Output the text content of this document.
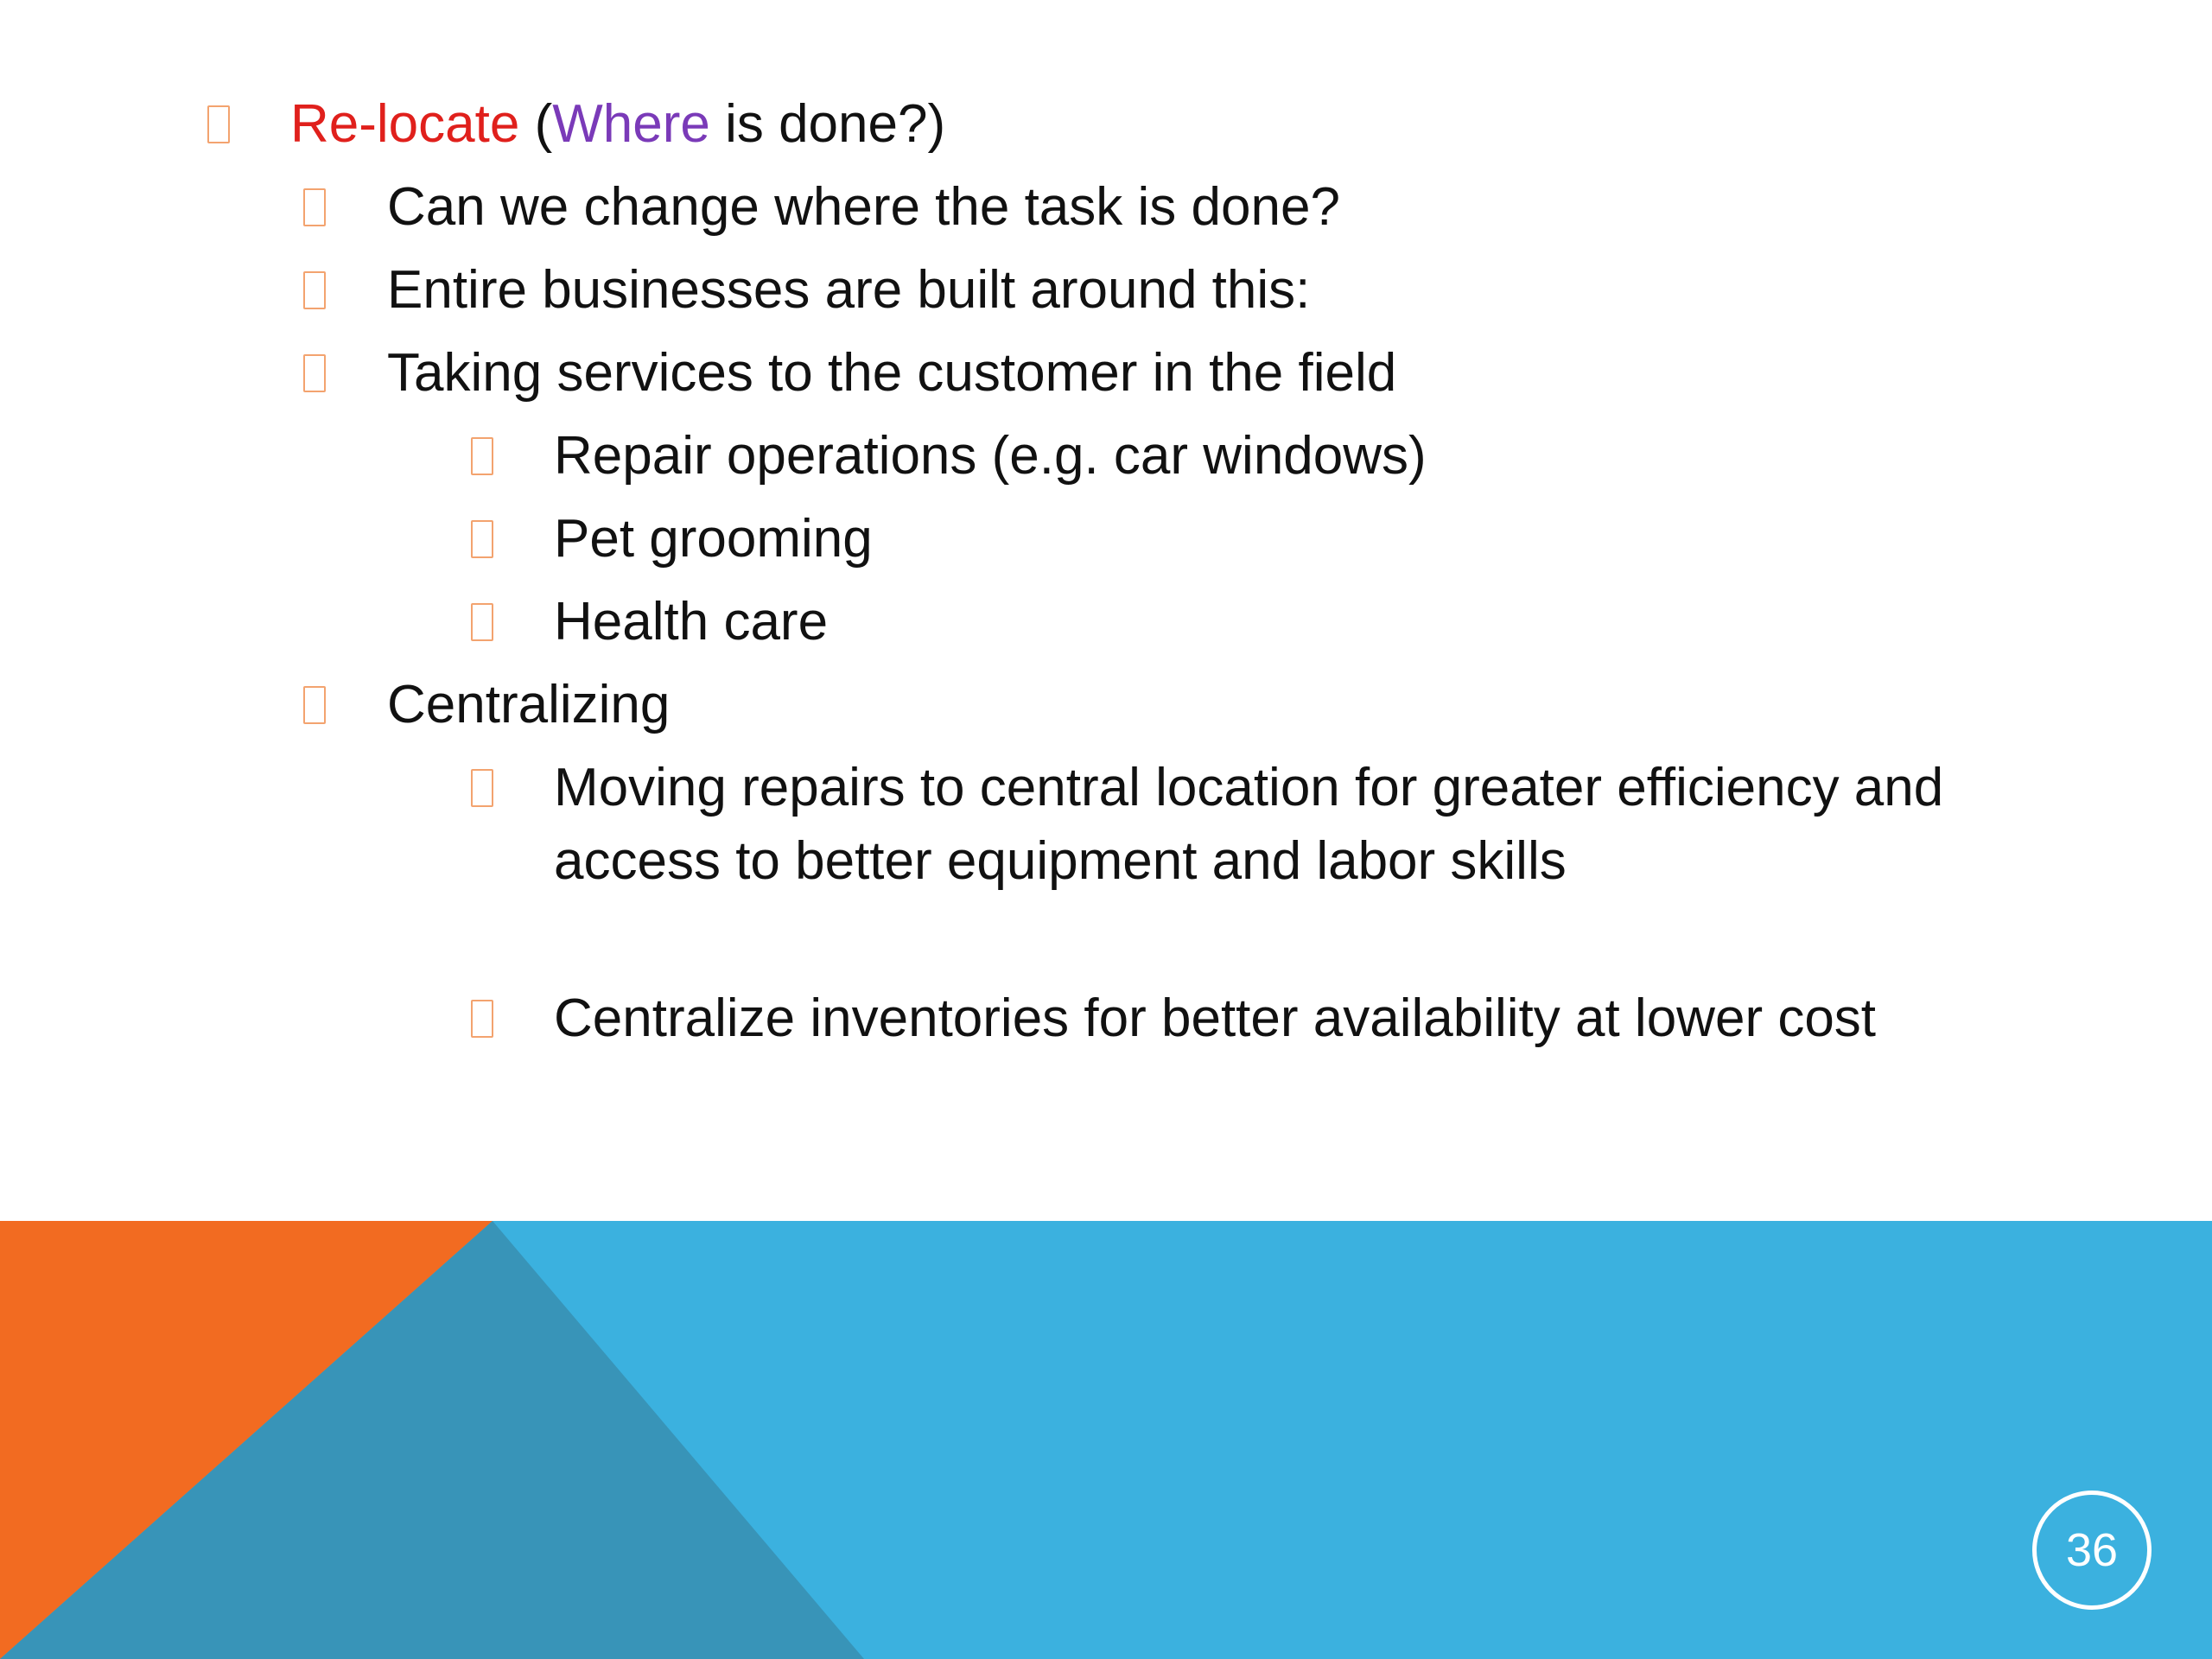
Re-locate (Where is done?)
Can we change where the task is done?
Entire businesses are built around this:
Taking services to the customer in the field
Repair operations (e.g. car windows)
Pet grooming
Health care
Centralizing
Moving repairs to central location for greater efficiency and access to better equipment and labor skills
Centralize inventories for better availability at lower cost
36
